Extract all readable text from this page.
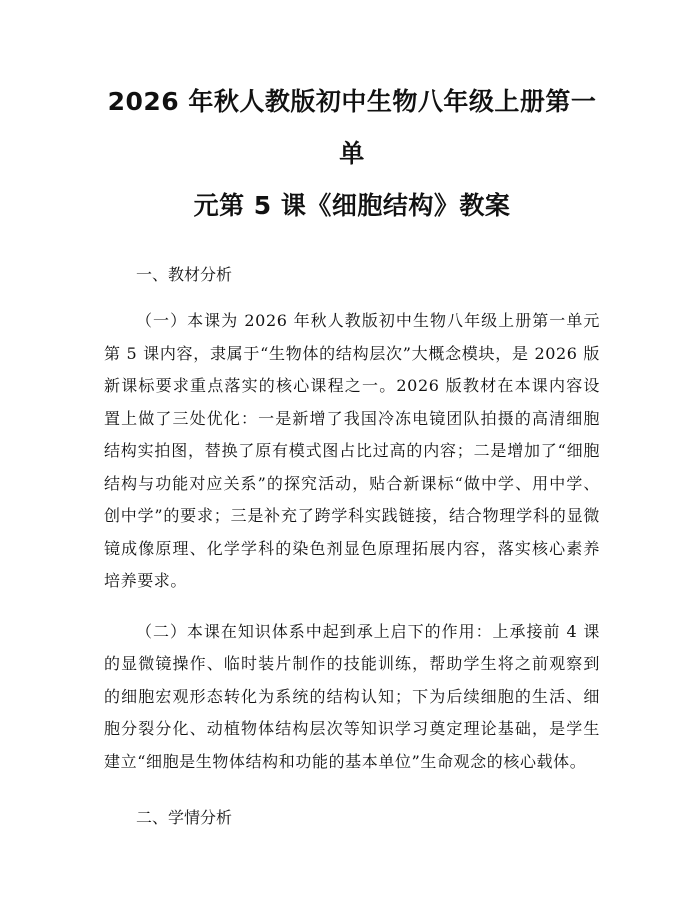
2026 年秋人教版初中生物八年级上册第一单
元第 5 课《细胞结构》教案
一、教材分析

（一）本课为 2026 年秋人教版初中生物八年级上册第一单元第 5 课内容，隶属于“生物体的结构层次”大概念模块，是 2026 版新课标要求重点落实的核心课程之一。2026 版教材在本课内容设置上做了三处优化：一是新增了我国冷冻电镜团队拍摄的高清细胞结构实拍图，替换了原有模式图占比过高的内容；二是增加了“细胞结构与功能对应关系”的探究活动，贴合新课标“做中学、用中学、创中学”的要求；三是补充了跨学科实践链接，结合物理学科的显微镜成像原理、化学学科的染色剂显色原理拓展内容，落实核心素养培养要求。

（二）本课在知识体系中起到承上启下的作用：上承接前 4 课的显微镜操作、临时装片制作的技能训练，帮助学生将之前观察到的细胞宏观形态转化为系统的结构认知；下为后续细胞的生活、细胞分裂分化、动植物体结构层次等知识学习奠定理论基础，是学生建立“细胞是生物体结构和功能的基本单位”生命观念的核心载体。

二、学情分析
